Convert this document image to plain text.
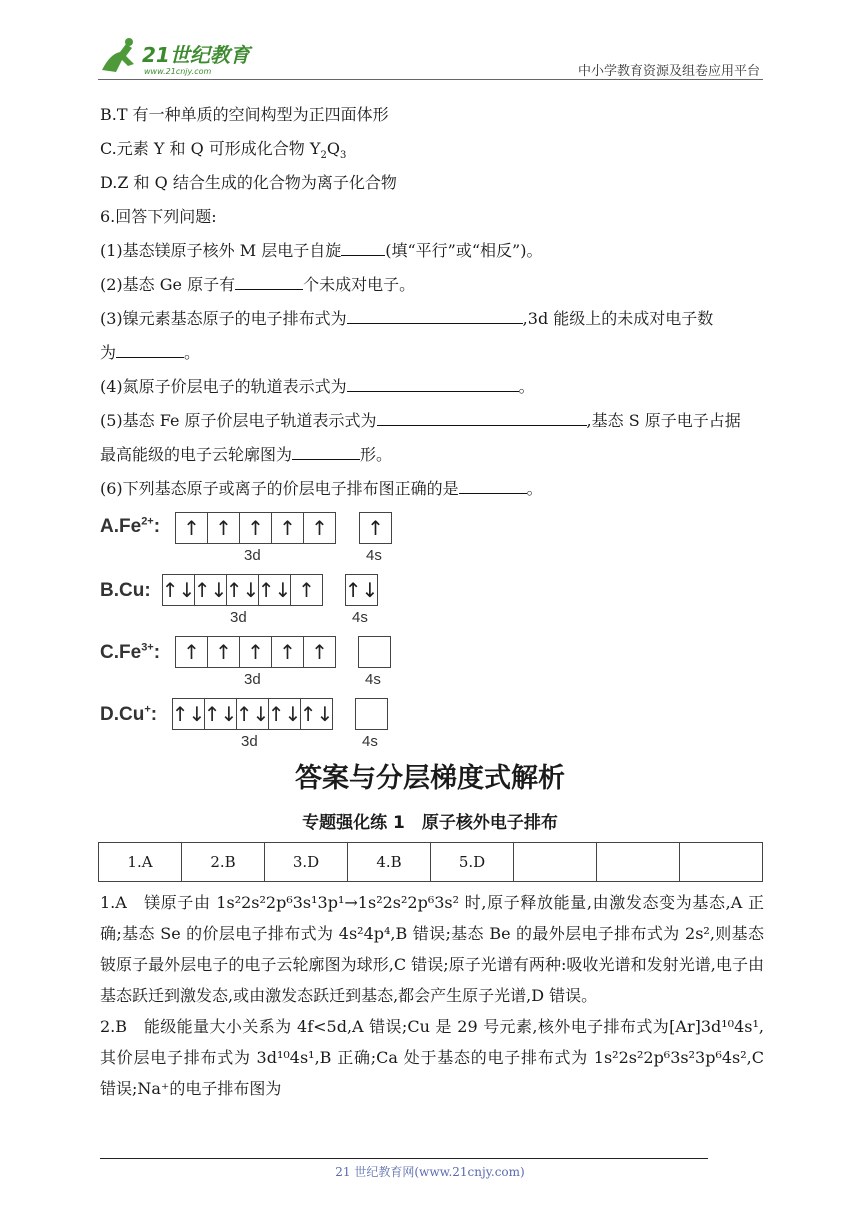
21世纪教育
www.21cnjy.com	中小学教育资源及组卷应用平台
B.T 有一种单质的空间构型为正四面体形
C.元素 Y 和 Q 可形成化合物 $Y_2Q_3$
D.Z 和 Q 结合生成的化合物为离子化合物
6.回答下列问题:
(1)基态镁原子核外 M 层电子自旋	(填“平行”或“相反”)。
(2)基态 Ge 原子有	个未成对电子。
(3)镍元素基态原子的电子排布式为	,3d 能级上的未成对电子数
为	。
(4)氮原子价层电子的轨道表示式为	。
(5)基态 Fe 原子价层电子轨道表示式为	,基态 S 原子电子占据
最高能级的电子云轮廓图为	形。
(6)下列基态原子或离子的价层电子排布图正确的是	。
$A.Fe^{2+}$:	↑ ↑ ↑ ↑ ↑	↑
3d	4s
B.Cu: ↑↓
↑↓
↑↓
↑↓ ↑	↑↓
3d	4s
$C.Fe^{3+}$:	↑ ↑ ↑ ↑ ↑
3d	4s
D.Cu+: ↑↓
↑↓
↑↓
↑↓
↑↓
3d	4s
答案与分层梯度式解析
专题强化练 1　原子核外电子排布
1.A	2.B	3.D	4.B	5.D			
1.A　镁原子由 1s²2s²2p⁶3s¹3p¹→1s²2s²2p⁶3s² 时,原子释放能量,由激发态变为基态,A 正确;基态 Se 的价层电子排布式为 4s²4p⁴,B 错误;基态 Be 的最外层电子排布式为 2s²,则基态铍原子最外层电子的电子云轮廓图为球形,C 错误;原子光谱有两种:吸收光谱和发射光谱,电子由基态跃迁到激发态,或由激发态跃迁到基态,都会产生原子光谱,D 错误。
2.B　能级能量大小关系为 4f<5d,A 错误;Cu 是 29 号元素,核外电子排布式为[Ar]3d¹⁰4s¹,其价层电子排布式为 3d¹⁰4s¹,B 正确;Ca 处于基态的电子排布式为 1s²2s²2p⁶3s²3p⁶4s²,C 错误;Na⁺的电子排布图为
21 世纪教育网(www.21cnjy.com)
